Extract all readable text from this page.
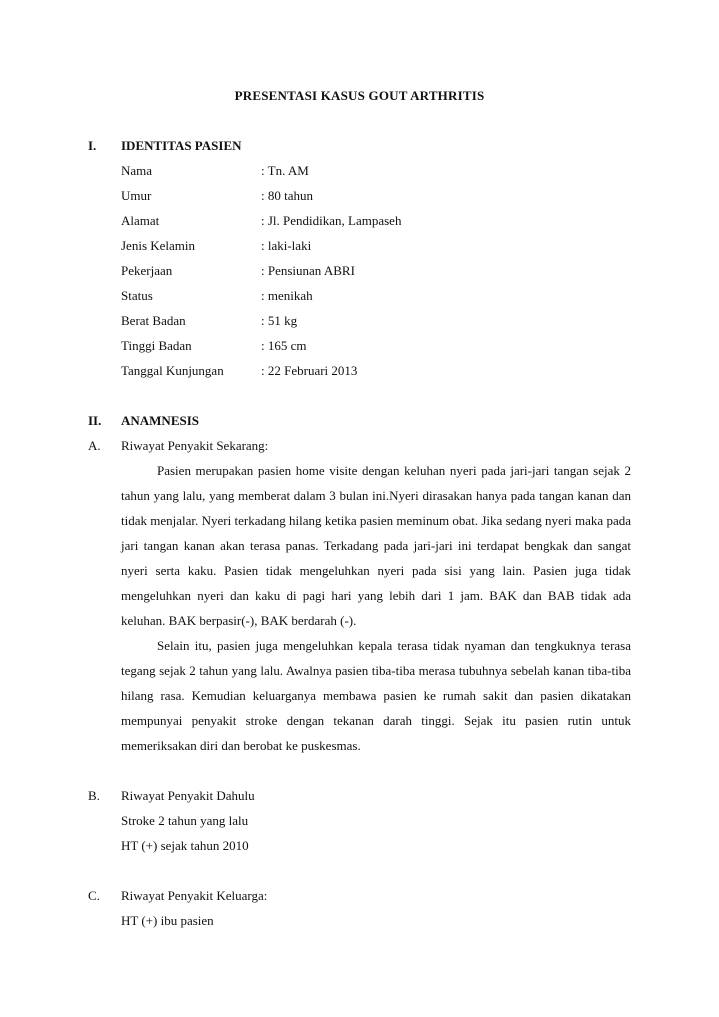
PRESENTASI KASUS GOUT ARTHRITIS
I. IDENTITAS PASIEN
Nama	: Tn. AM
Umur	: 80 tahun
Alamat	: Jl. Pendidikan, Lampaseh
Jenis Kelamin	: laki-laki
Pekerjaan	: Pensiunan ABRI
Status	: menikah
Berat Badan	: 51 kg
Tinggi Badan	: 165 cm
Tanggal Kunjungan	: 22 Februari 2013
II. ANAMNESIS
A. Riwayat Penyakit Sekarang:

Pasien merupakan pasien home visite dengan keluhan nyeri pada jari-jari tangan sejak 2 tahun yang lalu, yang memberat dalam 3 bulan ini.Nyeri dirasakan hanya pada tangan kanan dan tidak menjalar. Nyeri terkadang hilang ketika pasien meminum obat. Jika sedang nyeri maka pada jari tangan kanan akan terasa panas. Terkadang pada jari-jari ini terdapat bengkak dan sangat nyeri serta kaku. Pasien tidak mengeluhkan nyeri pada sisi yang lain. Pasien juga tidak mengeluhkan nyeri dan kaku di pagi hari yang lebih dari 1 jam. BAK dan BAB tidak ada keluhan. BAK berpasir(-), BAK berdarah (-).

Selain itu, pasien juga mengeluhkan kepala terasa tidak nyaman dan tengkuknya terasa tegang sejak 2 tahun yang lalu. Awalnya pasien tiba-tiba merasa tubuhnya sebelah kanan tiba-tiba hilang rasa. Kemudian keluarganya membawa pasien ke rumah sakit dan pasien dikatakan mempunyai penyakit stroke dengan tekanan darah tinggi. Sejak itu pasien rutin untuk memeriksakan diri dan berobat ke puskesmas.

B. Riwayat Penyakit Dahulu
Stroke 2 tahun yang lalu
HT (+) sejak tahun 2010
C. Riwayat Penyakit Keluarga:
HT (+) ibu pasien
